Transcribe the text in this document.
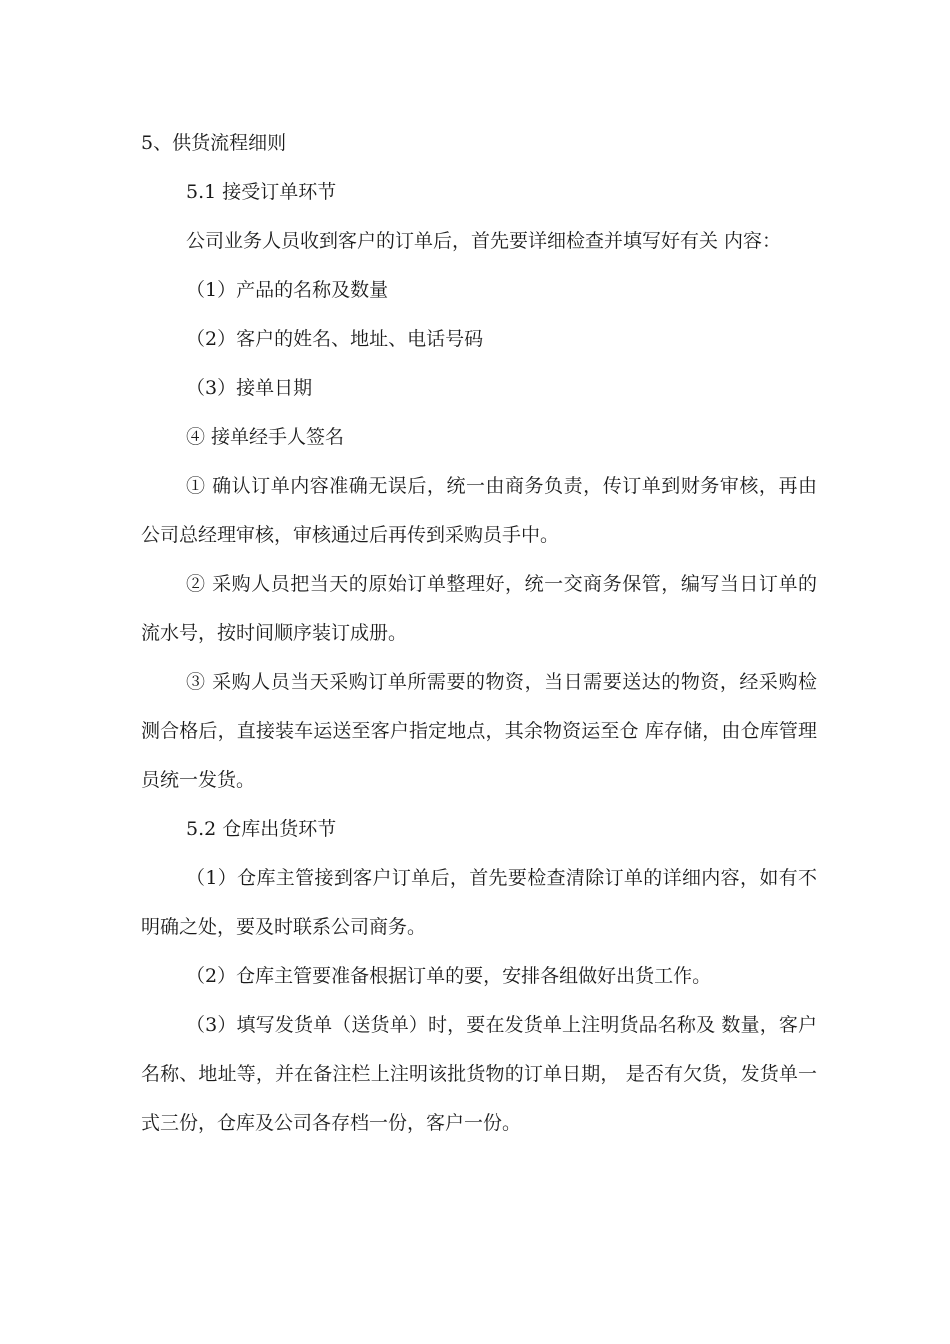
5、供货流程细则

5.1 接受订单环节

公司业务人员收到客户的订单后，首先要详细检查并填写好有关 内容：

（1）产品的名称及数量

（2）客户的姓名、地址、电话号码

（3）接单日期

④ 接单经手人签名

① 确认订单内容准确无误后，统一由商务负责，传订单到财务审核，再由公司总经理审核，审核通过后再传到采购员手中。

② 采购人员把当天的原始订单整理好，统一交商务保管，编写当日订单的流水号，按时间顺序装订成册。

③ 采购人员当天采购订单所需要的物资，当日需要送达的物资，经采购检测合格后，直接装车运送至客户指定地点，其余物资运至仓 库存储，由仓库管理员统一发货。

5.2 仓库出货环节

（1）仓库主管接到客户订单后，首先要检查清除订单的详细内容，如有不明确之处，要及时联系公司商务。

（2）仓库主管要准备根据订单的要，安排各组做好出货工作。

（3）填写发货单（送货单）时，要在发货单上注明货品名称及 数量，客户名称、地址等，并在备注栏上注明该批货物的订单日期， 是否有欠货，发货单一式三份，仓库及公司各存档一份，客户一份。
